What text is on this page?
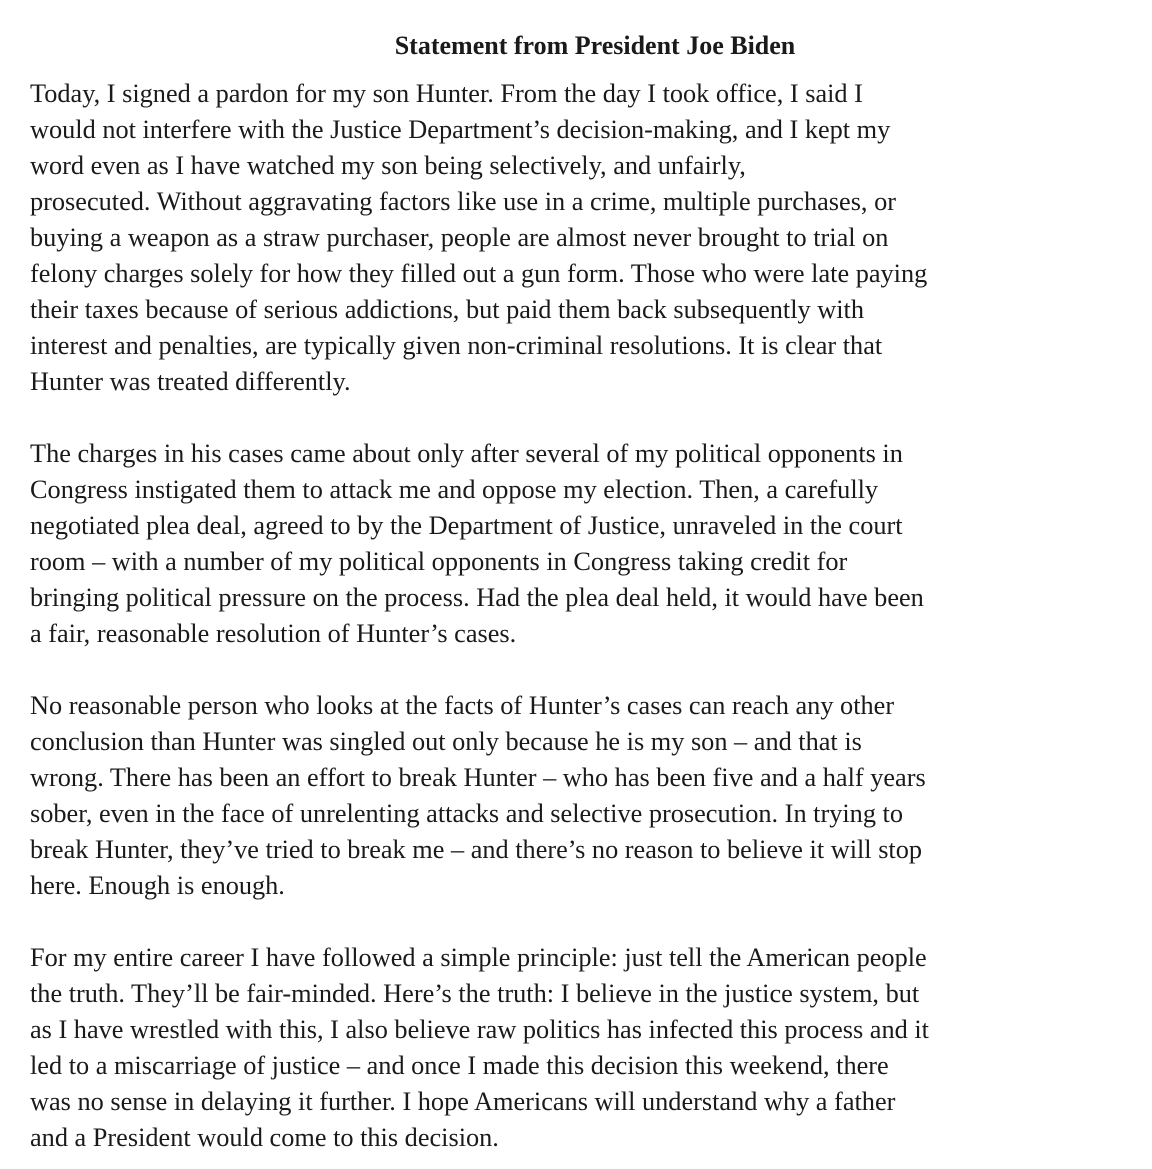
Statement from President Joe Biden
Today, I signed a pardon for my son Hunter. From the day I took office, I said I
would not interfere with the Justice Department’s decision-making, and I kept my
word even as I have watched my son being selectively, and unfairly,
prosecuted. Without aggravating factors like use in a crime, multiple purchases, or
buying a weapon as a straw purchaser, people are almost never brought to trial on
felony charges solely for how they filled out a gun form. Those who were late paying
their taxes because of serious addictions, but paid them back subsequently with
interest and penalties, are typically given non-criminal resolutions. It is clear that
Hunter was treated differently.
The charges in his cases came about only after several of my political opponents in
Congress instigated them to attack me and oppose my election. Then, a carefully
negotiated plea deal, agreed to by the Department of Justice, unraveled in the court
room – with a number of my political opponents in Congress taking credit for
bringing political pressure on the process. Had the plea deal held, it would have been
a fair, reasonable resolution of Hunter’s cases.
No reasonable person who looks at the facts of Hunter’s cases can reach any other
conclusion than Hunter was singled out only because he is my son – and that is
wrong. There has been an effort to break Hunter – who has been five and a half years
sober, even in the face of unrelenting attacks and selective prosecution. In trying to
break Hunter, they’ve tried to break me – and there’s no reason to believe it will stop
here. Enough is enough.
For my entire career I have followed a simple principle: just tell the American people
the truth. They’ll be fair-minded. Here’s the truth: I believe in the justice system, but
as I have wrestled with this, I also believe raw politics has infected this process and it
led to a miscarriage of justice – and once I made this decision this weekend, there
was no sense in delaying it further. I hope Americans will understand why a father
and a President would come to this decision.
